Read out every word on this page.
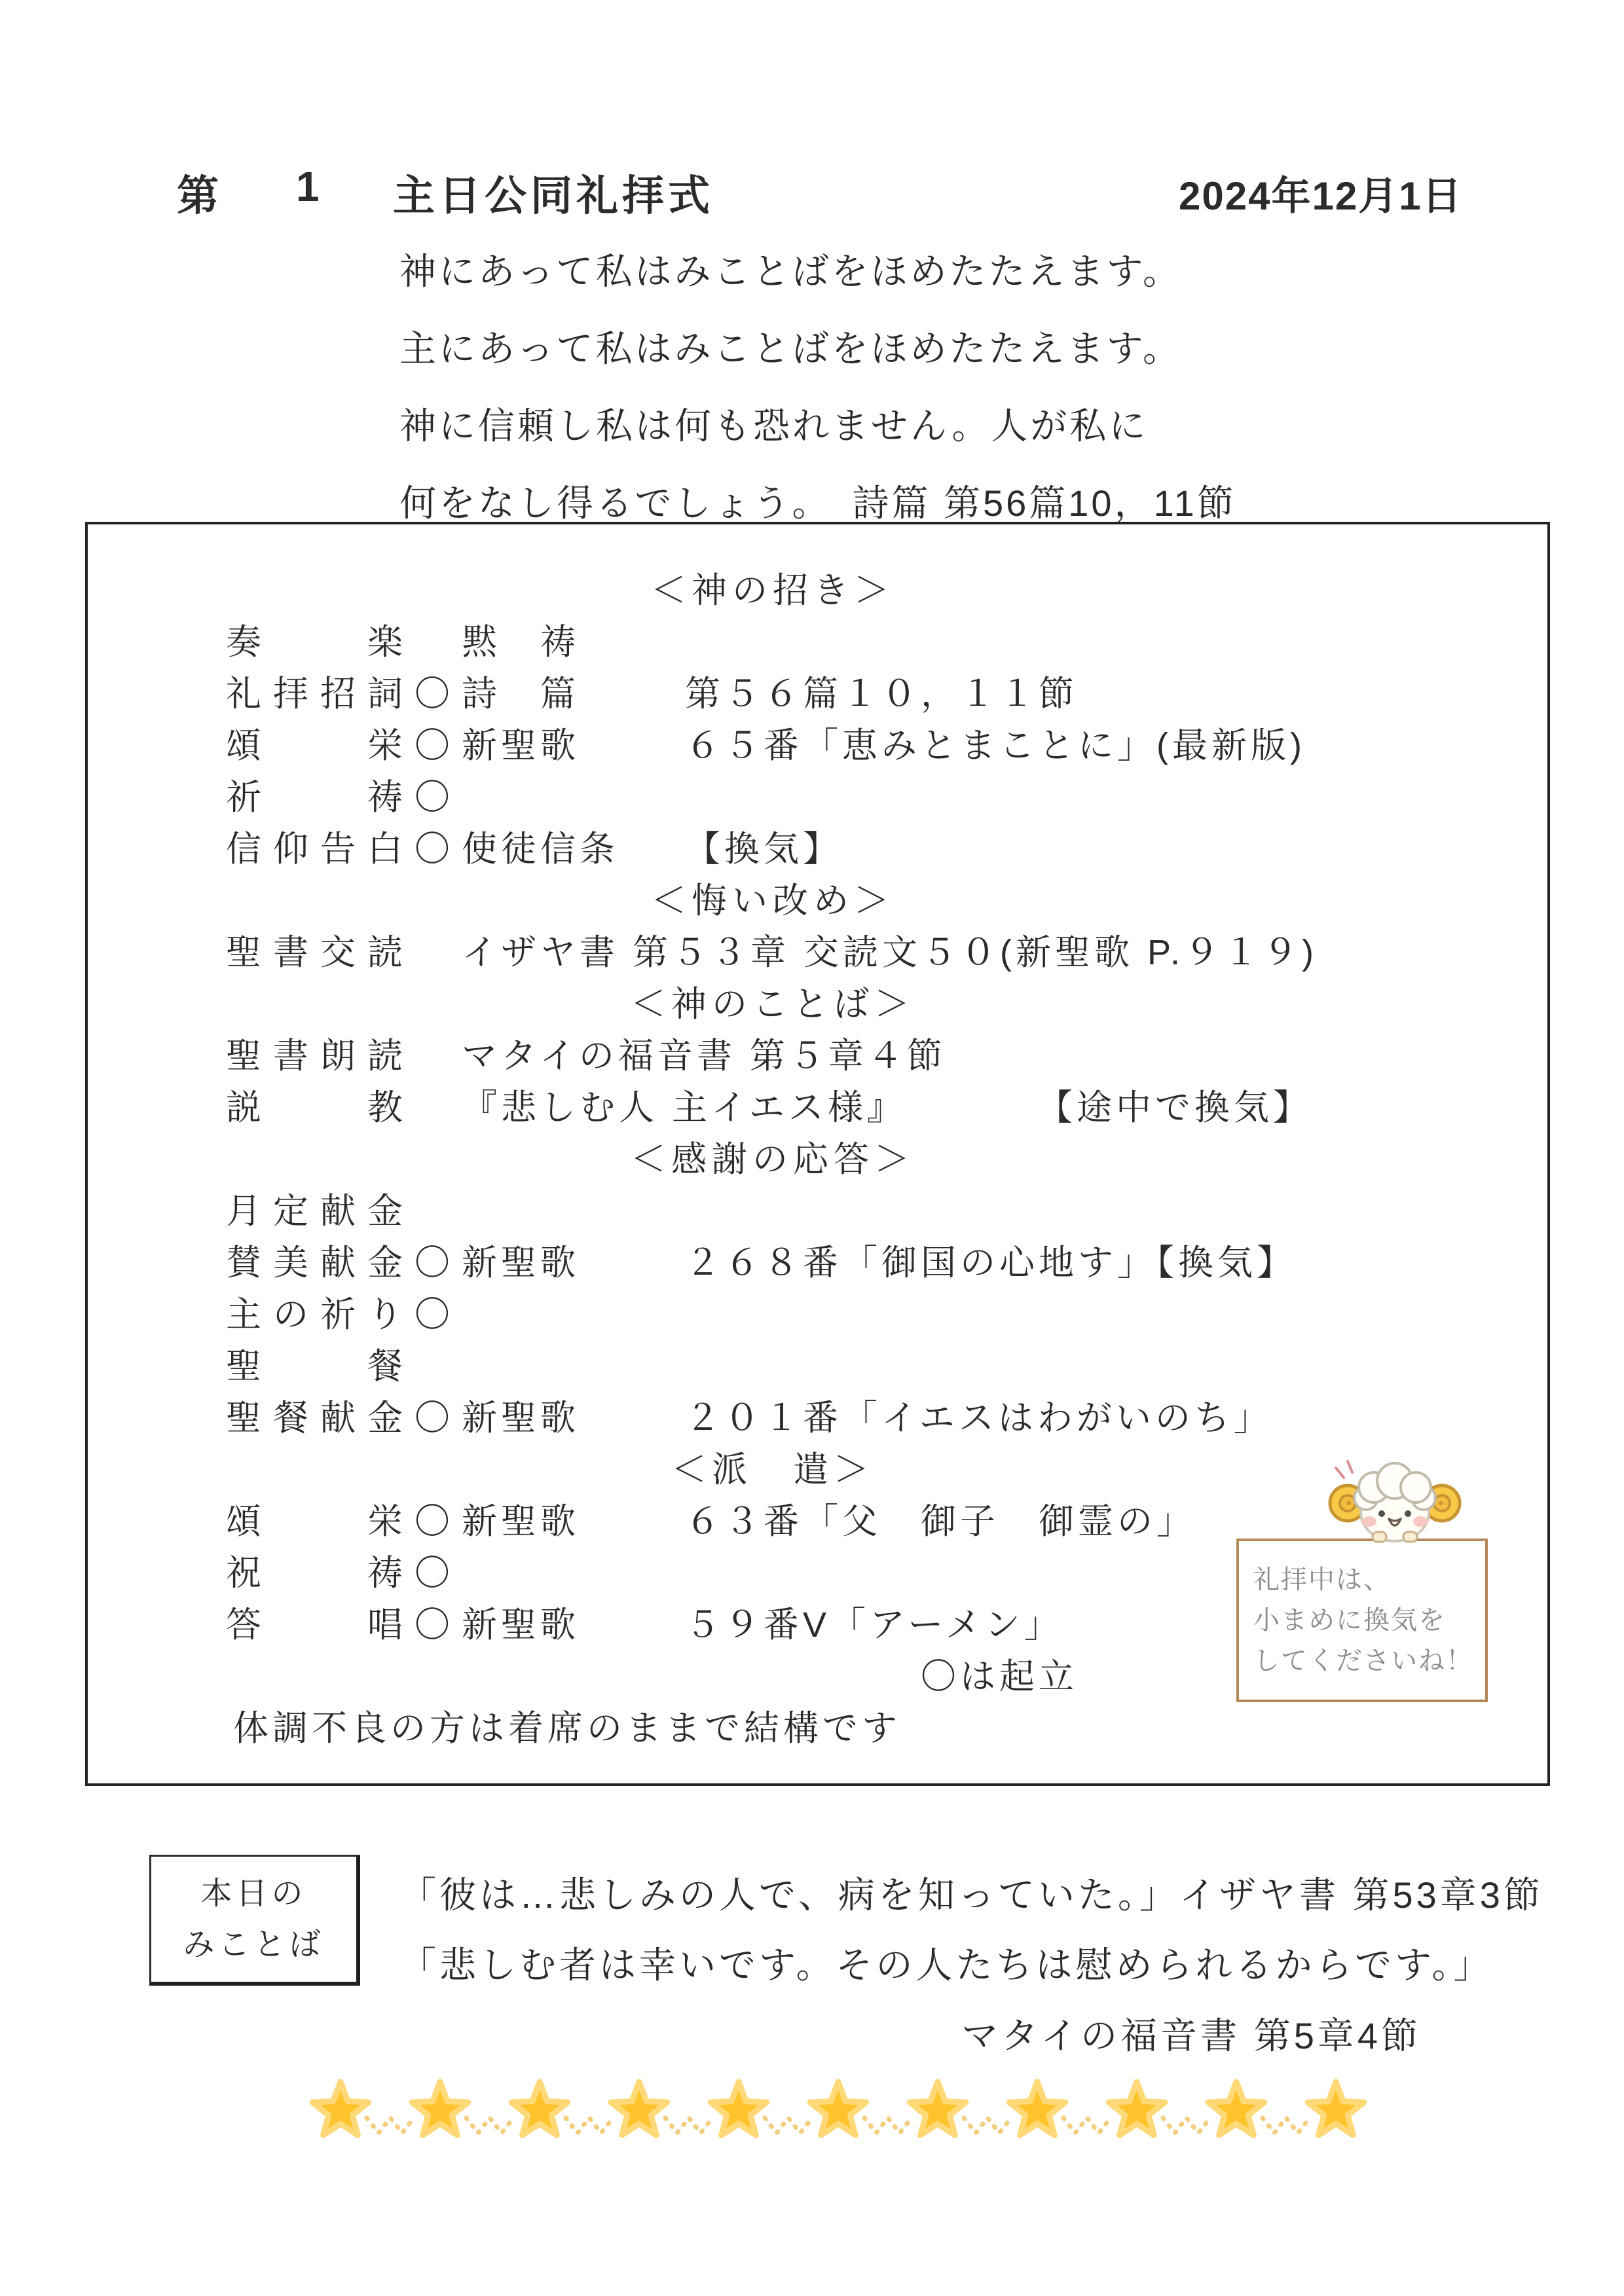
第 1 主日公同礼拝式	2024年12月1日
神にあって私はみことばをほめたたえます。
主にあって私はみことばをほめたたえます。
神に信頼し私は何も恐れません。人が私に
何をなし得るでしょう。　詩篇 第56篇10，11節
＜神の招き＞
奏　　楽 黙　祷
礼拝招詞〇詩　篇	第５６篇１０，１１節
頌　　栄〇新聖歌	６５番「恵みとまことに」(最新版)
祈　　祷〇
信仰告白〇使徒信条 【換気】
＜悔い改め＞
聖書交読 イザヤ書 第５３章 交読文５０(新聖歌 P.９１９)
＜神のことば＞
聖書朗読 マタイの福音書 第５章４節
説　　教 『悲しむ人 主イエス様』	【途中で換気】
＜感謝の応答＞
月定献金
賛美献金〇新聖歌	２６８番「御国の心地す」【換気】
主の祈り〇
聖　　餐
聖餐献金〇新聖歌	２０１番「イエスはわがいのち」
＜派　遣＞
頌　　栄〇新聖歌	６３番「父　御子　御霊の」
祝　　祷〇
答　　唱〇新聖歌	５９番V「アーメン」
〇は起立
体調不良の方は着席のままで結構です
礼拝中は、
小まめに換気を
してくださいね！
本日の
みことば
「彼は…悲しみの人で、病を知っていた。」イザヤ書 第53章3節
「悲しむ者は幸いです。その人たちは慰められるからです。」
マタイの福音書 第5章4節
